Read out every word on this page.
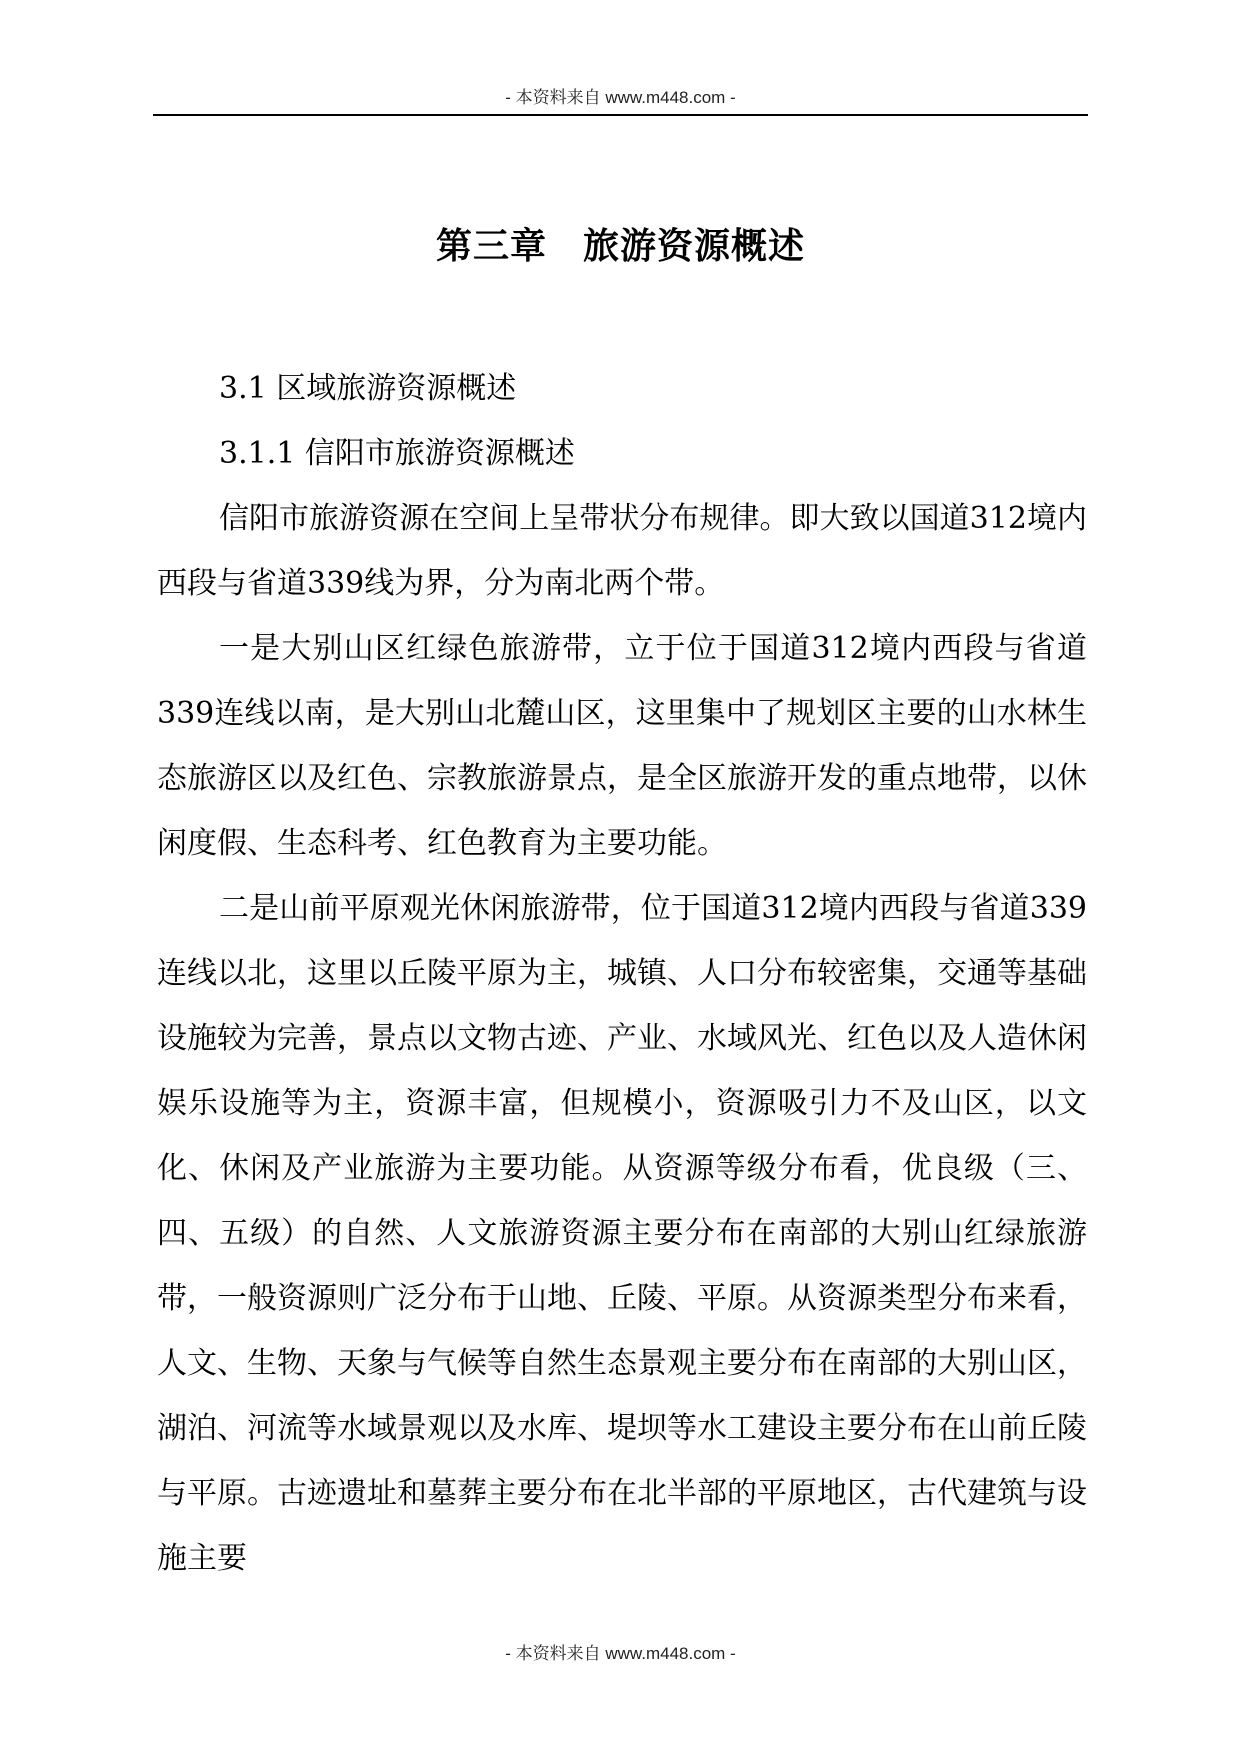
- 本资料来自 www.m448.com -
第三章 旅游资源概述

3.1 区域旅游资源概述

3.1.1 信阳市旅游资源概述

信阳市旅游资源在空间上呈带状分布规律。即大致以国道312境内西段与省道339线为界，分为南北两个带。

一是大别山区红绿色旅游带，立于位于国道312境内西段与省道339连线以南，是大别山北麓山区，这里集中了规划区主要的山水林生态旅游区以及红色、宗教旅游景点，是全区旅游开发的重点地带，以休闲度假、生态科考、红色教育为主要功能。

二是山前平原观光休闲旅游带，位于国道312境内西段与省道339连线以北，这里以丘陵平原为主，城镇、人口分布较密集，交通等基础设施较为完善，景点以文物古迹、产业、水域风光、红色以及人造休闲娱乐设施等为主，资源丰富，但规模小，资源吸引力不及山区，以文化、休闲及产业旅游为主要功能。从资源等级分布看，优良级（三、四、五级）的自然、人文旅游资源主要分布在南部的大别山红绿旅游带，一般资源则广泛分布于山地、丘陵、平原。从资源类型分布来看，人文、生物、天象与气候等自然生态景观主要分布在南部的大别山区，湖泊、河流等水域景观以及水库、堤坝等水工建设主要分布在山前丘陵与平原。古迹遗址和墓葬主要分布在北半部的平原地区，古代建筑与设施主要

- 本资料来自 www.m448.com -
